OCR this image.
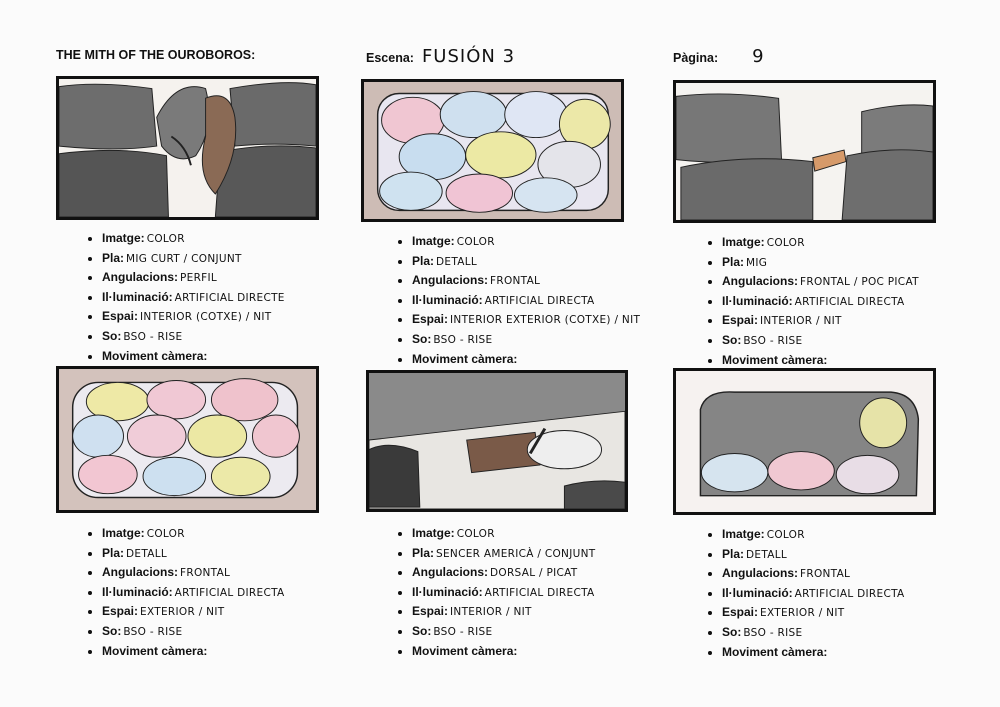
THE MITH OF THE OUROBOROS:	Escena: FUSIÓN 3	Pàgina: 9
• Imatge: COLOR
• Pla: MIG CURT / CONJUNT
• Angulacions: PERFIL
• Il·luminació: ARTIFICIAL DIRECTE
• Espai: INTERIOR (COTXE) / NIT
• So: BSO - RISE
• Moviment càmera:
• Imatge: COLOR
• Pla: DETALL
• Angulacions: FRONTAL
• Il·luminació: ARTIFICIAL DIRECTA
• Espai: INTERIOR EXTERIOR (COTXE) / NIT
• So: BSO - RISE
• Moviment càmera:
• Imatge: COLOR
• Pla: MIG
• Angulacions: FRONTAL / POC PICAT
• Il·luminació: ARTIFICIAL DIRECTA
• Espai: INTERIOR / NIT
• So: BSO - RISE
• Moviment càmera:
• Imatge: COLOR
• Pla: DETALL
• Angulacions: FRONTAL
• Il·luminació: ARTIFICIAL DIRECTA
• Espai: EXTERIOR / NIT
• So: BSO - RISE
• Moviment càmera:
• Imatge: COLOR
• Pla: SENCER AMERICÀ / CONJUNT
• Angulacions: DORSAL / PICAT
• Il·luminació: ARTIFICIAL DIRECTA
• Espai: INTERIOR / NIT
• So: BSO - RISE
• Moviment càmera:
• Imatge: COLOR
• Pla: DETALL
• Angulacions: FRONTAL
• Il·luminació: ARTIFICIAL DIRECTA
• Espai: EXTERIOR / NIT
• So: BSO - RISE
• Moviment càmera:
